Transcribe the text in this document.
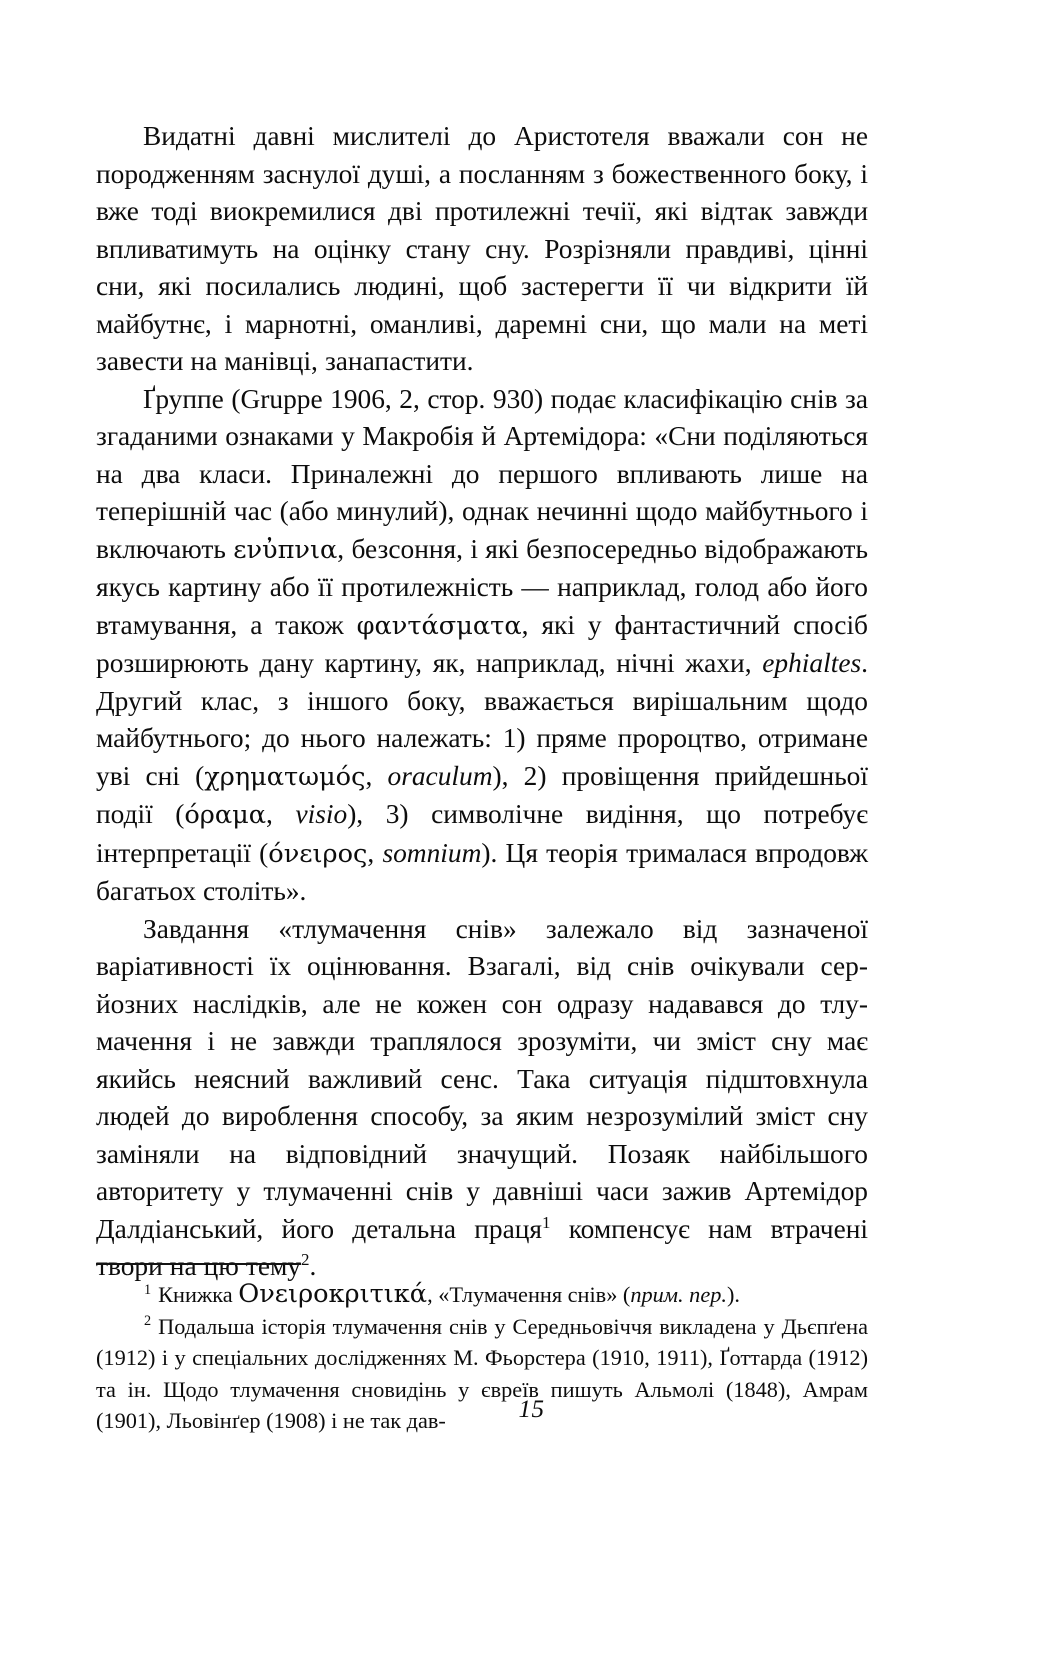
Видатні давні мислителі до Аристотеля вважали сон не породженням заснулої душі, а посланням з божественного боку, і вже тоді виокремилися дві протилежні течії, які відтак завжди впливатимуть на оцінку стану сну. Розрізняли правдиві, цінні сни, які посилались людині, щоб застерегти її чи відкрити їй майбутнє, і марнотні, оманливі, даремні сни, що мали на меті завести на манівці, занапастити.

Ґруппе (Gruppe 1906, 2, стор. 930) подає класифікацію снів за згаданими ознаками у Макробія й Артемідора: «Сни поділяються на два класи. Приналежні до першого впливають лише на теперішній час (або минулий), однак нечинні щодо майбутнього і включають ενὐπνια, безсоння, і які безпосередньо відображають якусь картину або її протилежність — наприклад, голод або його втамування, а також φαντάσματα, які у фантастичний спосіб розширюють дану картину, як, наприклад, нічні жахи, ephialtes. Другий клас, з іншого боку, вважається вирішальним щодо майбутнього; до нього належать: 1) пряме пророцтво, отримане уві сні (χρηματωμός, oraculum), 2) провіщення прийдешньої події (όραμα, visio), 3) символічне видіння, що потребує інтерпретації (όνειρος, somnium). Ця теорія трималася впродовж багатьох століть».

Завдання «тлумачення снів» залежало від зазначеної варіативності їх оцінювання. Взагалі, від снів очікували серйозних наслідків, але не кожен сон одразу надавався до тлумачення і не завжди траплялося зрозуміти, чи зміст сну має якийсь неясний важливий сенс. Така ситуація підштовхнула людей до вироблення способу, за яким незрозумілий зміст сну заміняли на відповідний значущий. Позаяк найбільшого авторитету у тлумаченні снів у давніші часи зажив Артемідор Далдіанський, його детальна праця$^1$ компенсує нам втрачені твори на цю тему$^2$.

$^1$ Книжка Ονειροκριτικά, «Тлумачення снів» (прим. пер.).

$^2$ Подальша історія тлумачення снів у Середньовіччя викладена у Дьєпґена (1912) і у спеціальних дослідженнях М. Фьорстера (1910, 1911), Ґоттарда (1912) та ін. Щодо тлумачення сновидінь у євреїв пишуть Альмолі (1848), Амрам (1901), Льовінґер (1908) і не так дав-	15
